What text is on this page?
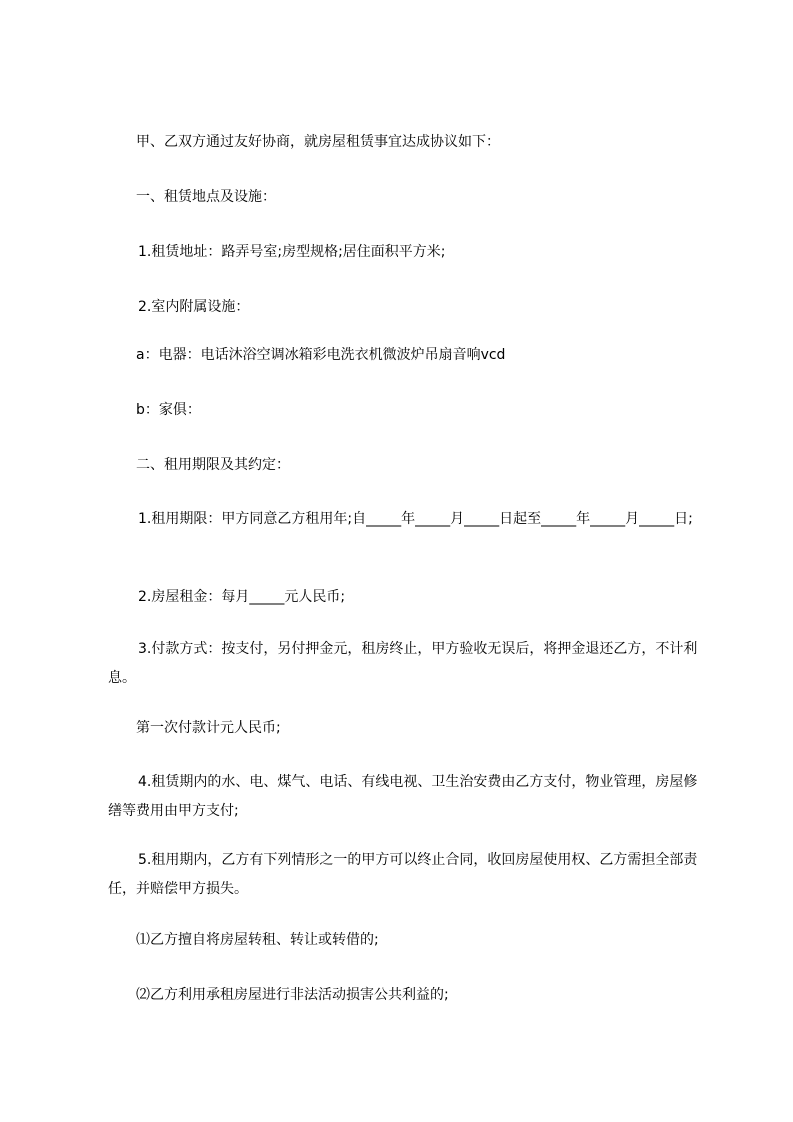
甲、乙双方通过友好协商，就房屋租赁事宜达成协议如下：

一、租赁地点及设施：

1.租赁地址：路弄号室;房型规格;居住面积平方米;

2.室内附属设施：

a：电器：电话沐浴空调冰箱彩电洗衣机微波炉吊扇音响vcd

b：家俱：

二、租用期限及其约定：

1.租用期限：甲方同意乙方租用年;自_____年_____月_____日起至_____年_____月_____日;

2.房屋租金：每月_____元人民币;

3.付款方式：按支付，另付押金元，租房终止，甲方验收无误后，将押金退还乙方，不计利息。

第一次付款计元人民币;

4.租赁期内的水、电、煤气、电话、有线电视、卫生治安费由乙方支付，物业管理，房屋修缮等费用由甲方支付;

5.租用期内，乙方有下列情形之一的甲方可以终止合同，收回房屋使用权、乙方需担全部责任，并赔偿甲方损失。

⑴乙方擅自将房屋转租、转让或转借的;

⑵乙方利用承租房屋进行非法活动损害公共利益的;
